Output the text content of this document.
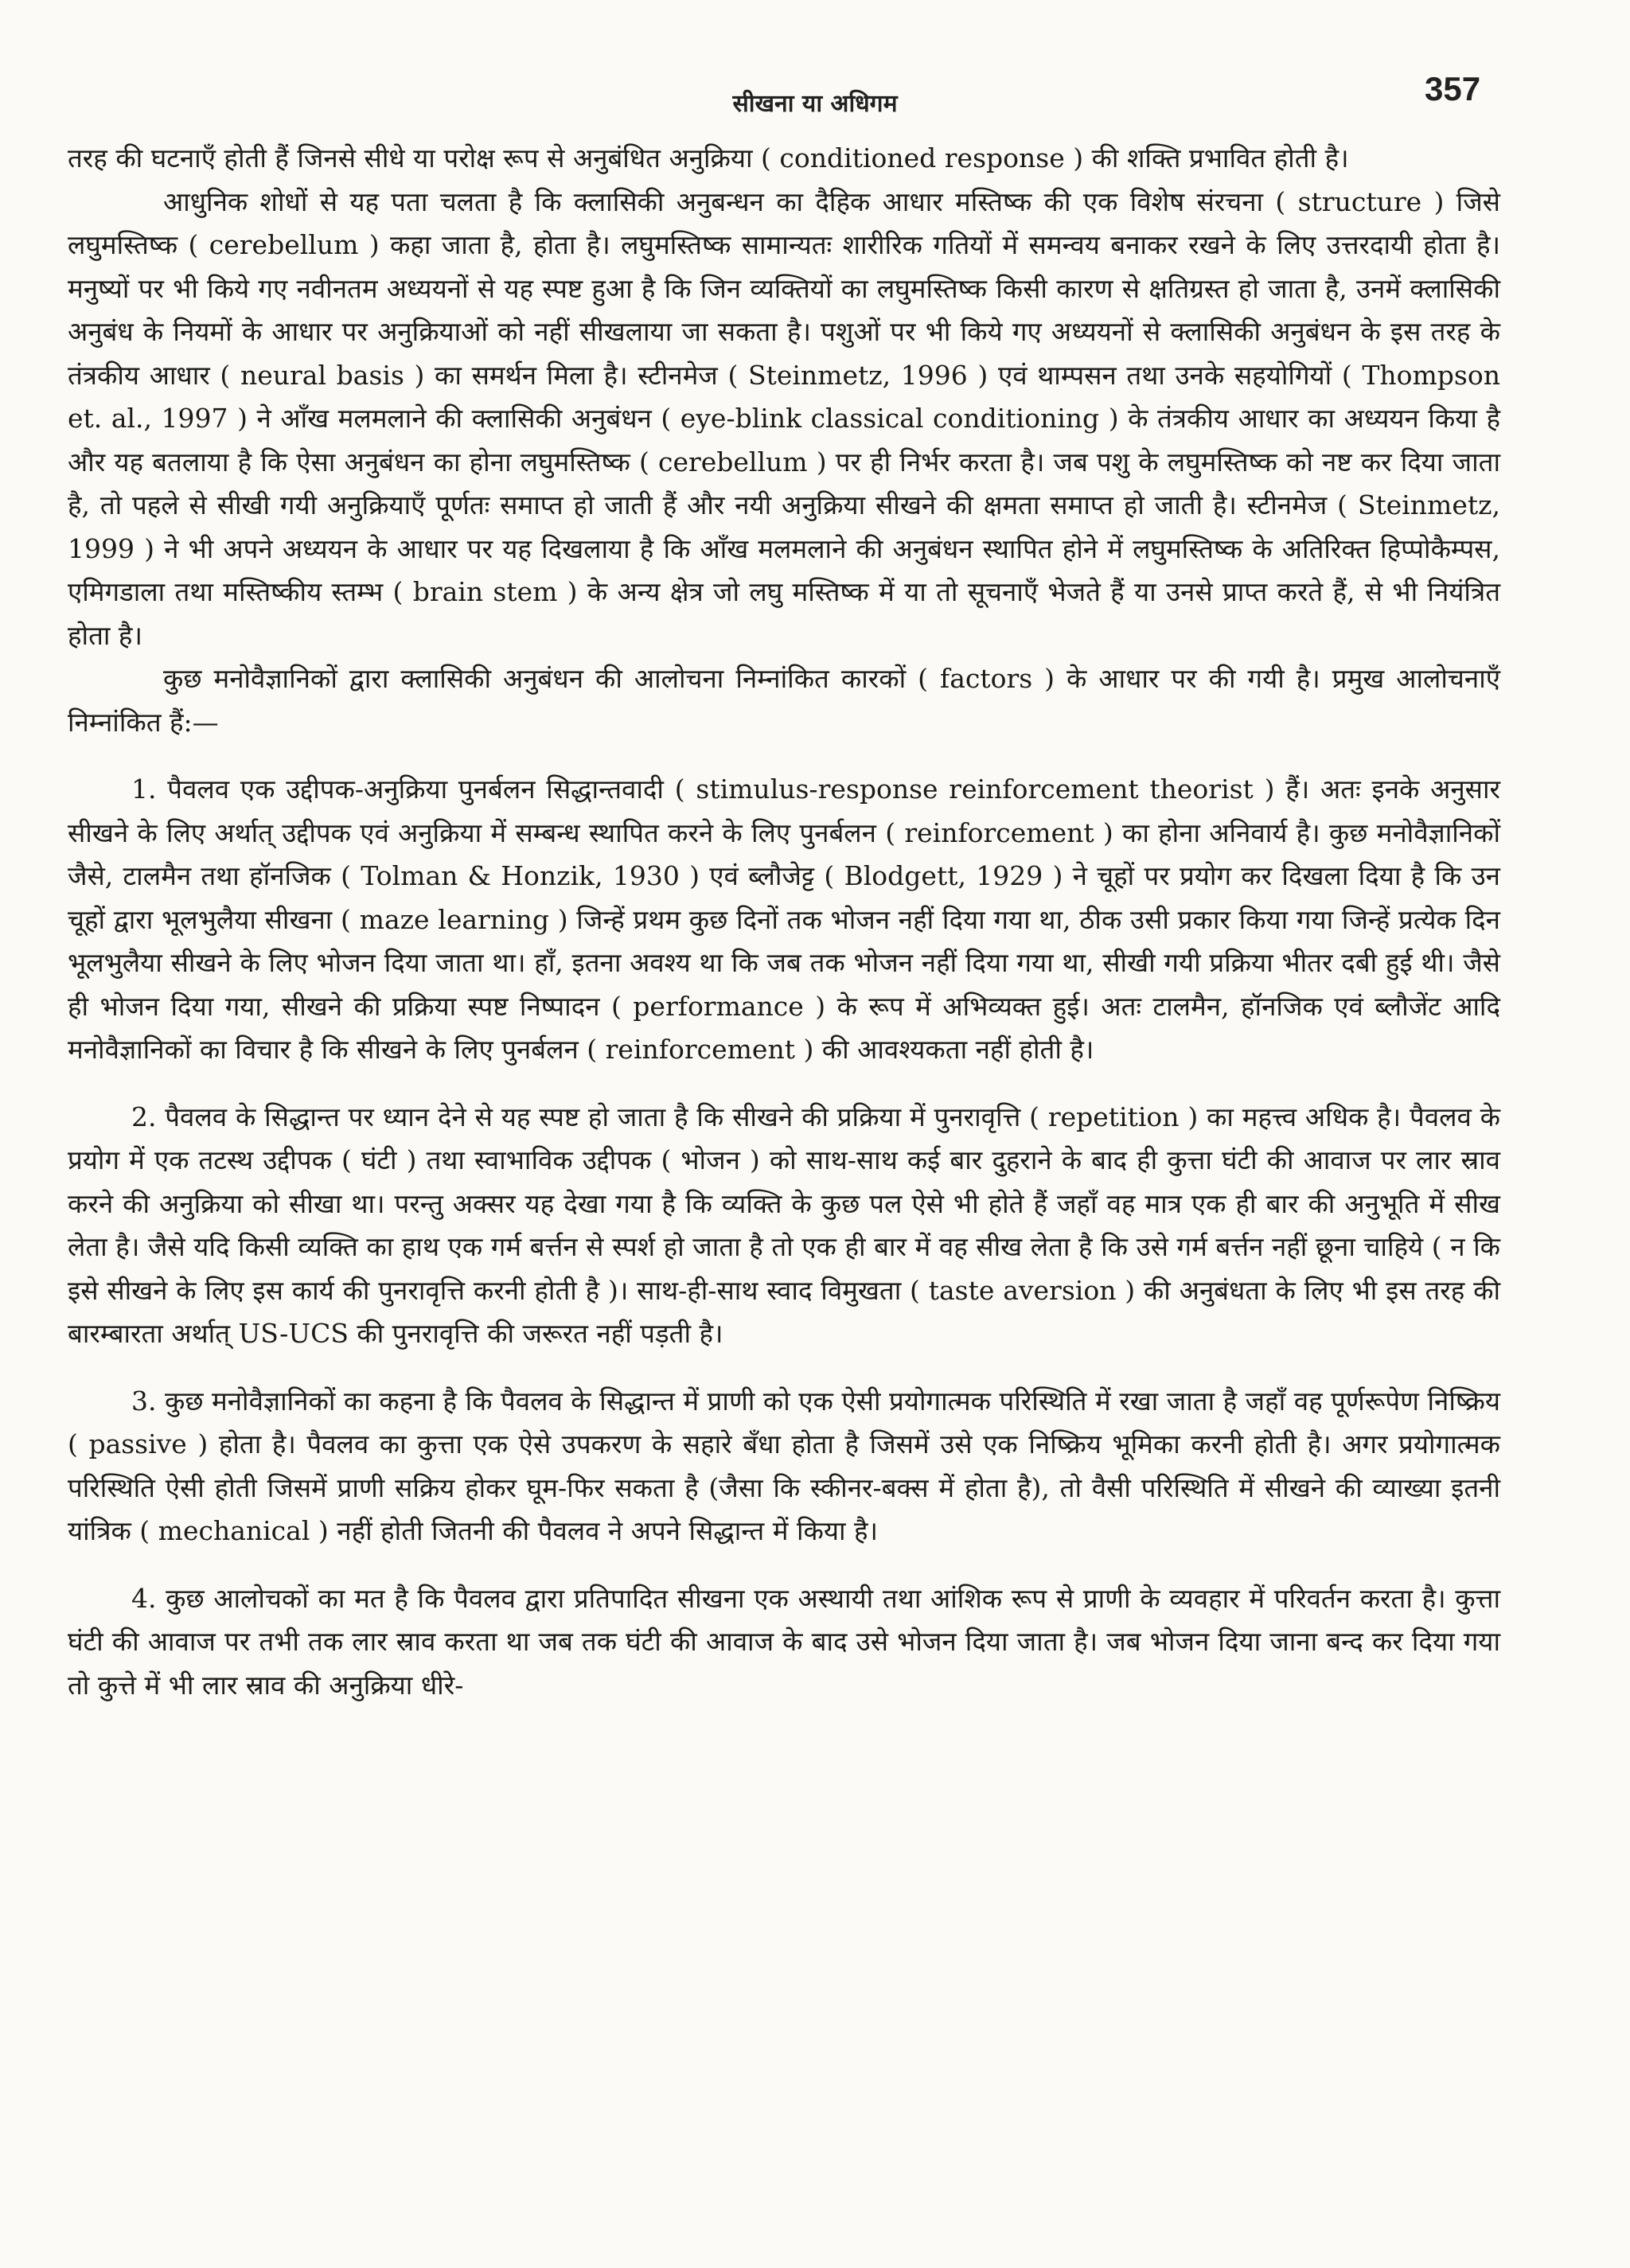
सीखना या अधिगम	357

तरह की घटनाएँ होती हैं जिनसे सीधे या परोक्ष रूप से अनुबंधित अनुक्रिया ( conditioned response ) की शक्ति प्रभावित होती है।

आधुनिक शोधों से यह पता चलता है कि क्लासिकी अनुबन्धन का दैहिक आधार मस्तिष्क की एक विशेष संरचना ( structure ) जिसे लघुमस्तिष्क ( cerebellum ) कहा जाता है, होता है। लघुमस्तिष्क सामान्यतः शारीरिक गतियों में समन्वय बनाकर रखने के लिए उत्तरदायी होता है। मनुष्यों पर भी किये गए नवीनतम अध्ययनों से यह स्पष्ट हुआ है कि जिन व्यक्तियों का लघुमस्तिष्क किसी कारण से क्षतिग्रस्त हो जाता है, उनमें क्लासिकी अनुबंध के नियमों के आधार पर अनुक्रियाओं को नहीं सीखलाया जा सकता है। पशुओं पर भी किये गए अध्ययनों से क्लासिकी अनुबंधन के इस तरह के तंत्रकीय आधार ( neural basis ) का समर्थन मिला है। स्टीनमेज ( Steinmetz, 1996 ) एवं थाम्पसन तथा उनके सहयोगियों ( Thompson et. al., 1997 ) ने आँख मलमलाने की क्लासिकी अनुबंधन ( eye-blink classical conditioning ) के तंत्रकीय आधार का अध्ययन किया है और यह बतलाया है कि ऐसा अनुबंधन का होना लघुमस्तिष्क ( cerebellum ) पर ही निर्भर करता है। जब पशु के लघुमस्तिष्क को नष्ट कर दिया जाता है, तो पहले से सीखी गयी अनुक्रियाएँ पूर्णतः समाप्त हो जाती हैं और नयी अनुक्रिया सीखने की क्षमता समाप्त हो जाती है। स्टीनमेज ( Steinmetz, 1999 ) ने भी अपने अध्ययन के आधार पर यह दिखलाया है कि आँख मलमलाने की अनुबंधन स्थापित होने में लघुमस्तिष्क के अतिरिक्त हिप्पोकैम्पस, एमिगडाला तथा मस्तिष्कीय स्तम्भ ( brain stem ) के अन्य क्षेत्र जो लघु मस्तिष्क में या तो सूचनाएँ भेजते हैं या उनसे प्राप्त करते हैं, से भी नियंत्रित होता है।

कुछ मनोवैज्ञानिकों द्वारा क्लासिकी अनुबंधन की आलोचना निम्नांकित कारकों ( factors ) के आधार पर की गयी है। प्रमुख आलोचनाएँ निम्नांकित हैं:—

1. पैवलव एक उद्दीपक-अनुक्रिया पुनर्बलन सिद्धान्तवादी ( stimulus-response reinforcement theorist ) हैं। अतः इनके अनुसार सीखने के लिए अर्थात् उद्दीपक एवं अनुक्रिया में सम्बन्ध स्थापित करने के लिए पुनर्बलन ( reinforcement ) का होना अनिवार्य है। कुछ मनोवैज्ञानिकों जैसे, टालमैन तथा हॉनजिक ( Tolman & Honzik, 1930 ) एवं ब्लौजेट्ट ( Blodgett, 1929 ) ने चूहों पर प्रयोग कर दिखला दिया है कि उन चूहों द्वारा भूलभुलैया सीखना ( maze learning ) जिन्हें प्रथम कुछ दिनों तक भोजन नहीं दिया गया था, ठीक उसी प्रकार किया गया जिन्हें प्रत्येक दिन भूलभुलैया सीखने के लिए भोजन दिया जाता था। हाँ, इतना अवश्य था कि जब तक भोजन नहीं दिया गया था, सीखी गयी प्रक्रिया भीतर दबी हुई थी। जैसे ही भोजन दिया गया, सीखने की प्रक्रिया स्पष्ट निष्पादन ( performance ) के रूप में अभिव्यक्त हुई। अतः टालमैन, हॉनजिक एवं ब्लौजेंट आदि मनोवैज्ञानिकों का विचार है कि सीखने के लिए पुनर्बलन ( reinforcement ) की आवश्यकता नहीं होती है।

2. पैवलव के सिद्धान्त पर ध्यान देने से यह स्पष्ट हो जाता है कि सीखने की प्रक्रिया में पुनरावृत्ति ( repetition ) का महत्त्व अधिक है। पैवलव के प्रयोग में एक तटस्थ उद्दीपक ( घंटी ) तथा स्वाभाविक उद्दीपक ( भोजन ) को साथ-साथ कई बार दुहराने के बाद ही कुत्ता घंटी की आवाज पर लार स्राव करने की अनुक्रिया को सीखा था। परन्तु अक्सर यह देखा गया है कि व्यक्ति के कुछ पल ऐसे भी होते हैं जहाँ वह मात्र एक ही बार की अनुभूति में सीख लेता है। जैसे यदि किसी व्यक्ति का हाथ एक गर्म बर्त्तन से स्पर्श हो जाता है तो एक ही बार में वह सीख लेता है कि उसे गर्म बर्त्तन नहीं छूना चाहिये ( न कि इसे सीखने के लिए इस कार्य की पुनरावृत्ति करनी होती है )। साथ-ही-साथ स्वाद विमुखता ( taste aversion ) की अनुबंधता के लिए भी इस तरह की बारम्बारता अर्थात् US-UCS की पुनरावृत्ति की जरूरत नहीं पड़ती है।

3. कुछ मनोवैज्ञानिकों का कहना है कि पैवलव के सिद्धान्त में प्राणी को एक ऐसी प्रयोगात्मक परिस्थिति में रखा जाता है जहाँ वह पूर्णरूपेण निष्क्रिय ( passive ) होता है। पैवलव का कुत्ता एक ऐसे उपकरण के सहारे बँधा होता है जिसमें उसे एक निष्क्रिय भूमिका करनी होती है। अगर प्रयोगात्मक परिस्थिति ऐसी होती जिसमें प्राणी सक्रिय होकर घूम-फिर सकता है (जैसा कि स्कीनर-बक्स में होता है), तो वैसी परिस्थिति में सीखने की व्याख्या इतनी यांत्रिक ( mechanical ) नहीं होती जितनी की पैवलव ने अपने सिद्धान्त में किया है।

4. कुछ आलोचकों का मत है कि पैवलव द्वारा प्रतिपादित सीखना एक अस्थायी तथा आंशिक रूप से प्राणी के व्यवहार में परिवर्तन करता है। कुत्ता घंटी की आवाज पर तभी तक लार स्राव करता था जब तक घंटी की आवाज के बाद उसे भोजन दिया जाता है। जब भोजन दिया जाना बन्द कर दिया गया तो कुत्ते में भी लार स्राव की अनुक्रिया धीरे-
